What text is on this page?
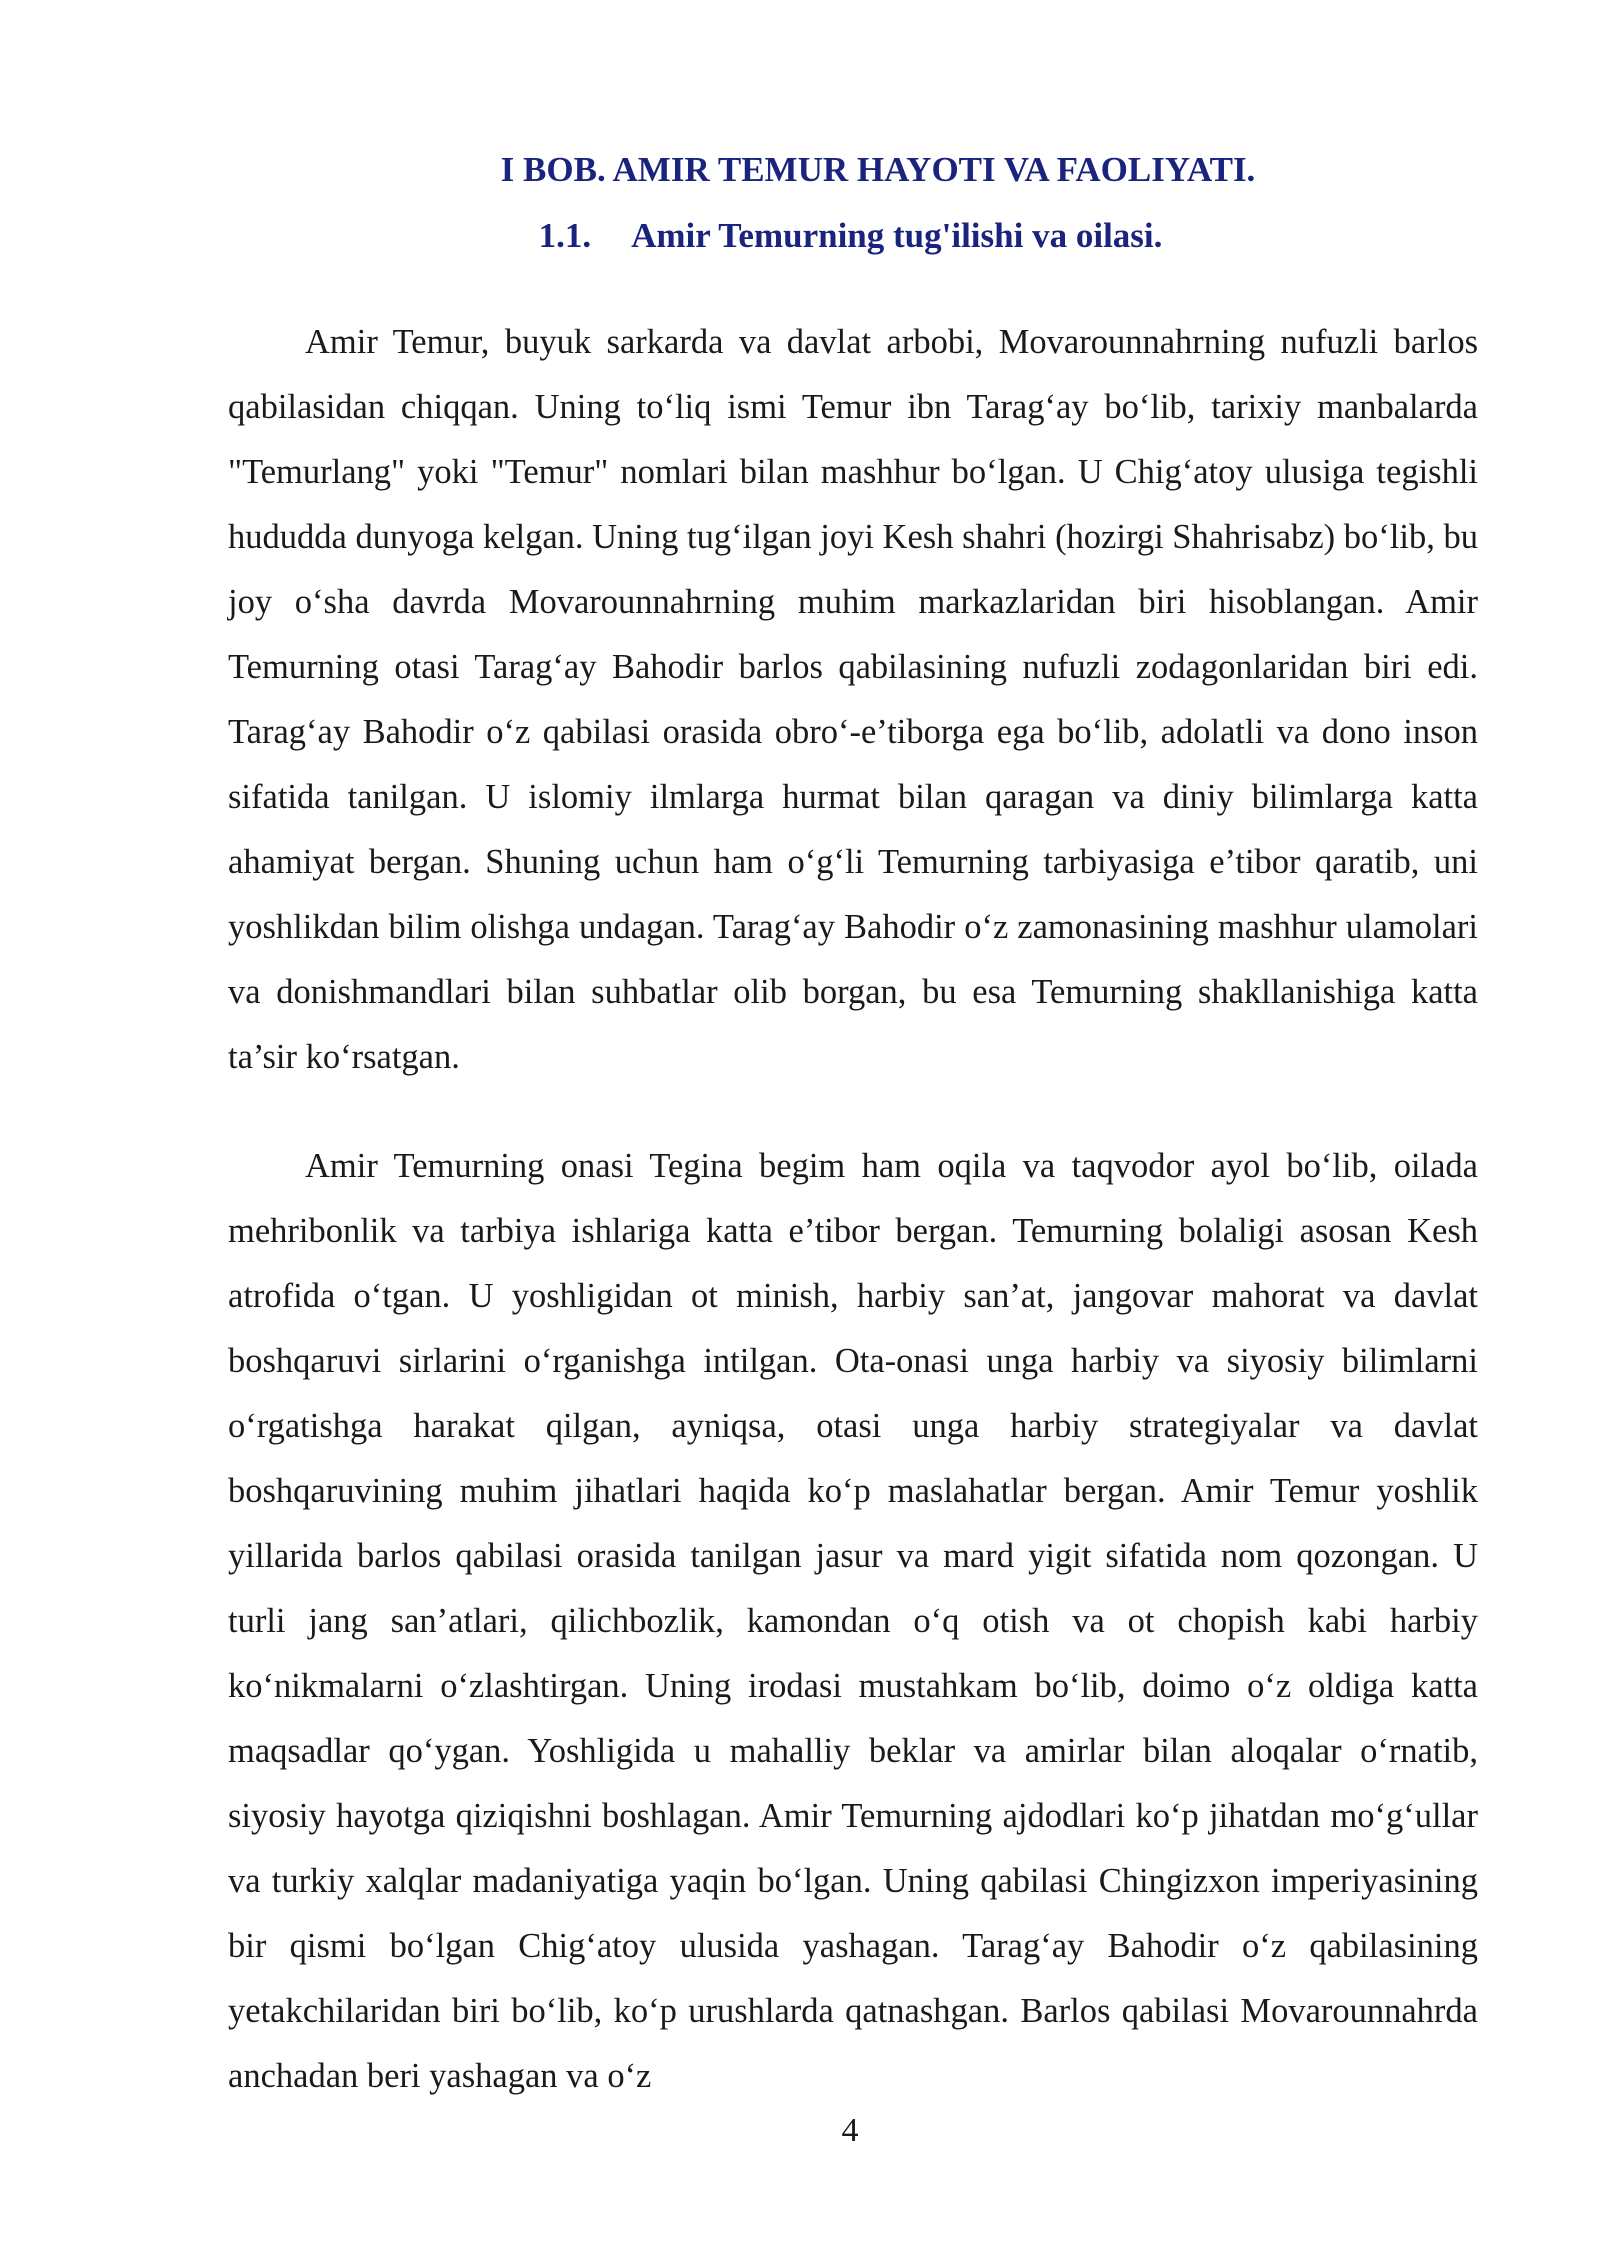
I BOB. AMIR TEMUR HAYOTI VA FAOLIYATI.
1.1. Amir Temurning tug'ilishi va oilasi.

Amir Temur, buyuk sarkarda va davlat arbobi, Movarounnahrning nufuzli barlos qabilasidan chiqqan. Uning to‘liq ismi Temur ibn Tarag‘ay bo‘lib, tarixiy manbalarda "Temurlang" yoki "Temur" nomlari bilan mashhur bo‘lgan. U Chig‘atoy ulusiga tegishli hududda dunyoga kelgan. Uning tug‘ilgan joyi Kesh shahri (hozirgi Shahrisabz) bo‘lib, bu joy o‘sha davrda Movarounnahrning muhim markazlaridan biri hisoblangan. Amir Temurning otasi Tarag‘ay Bahodir barlos qabilasining nufuzli zodagonlaridan biri edi. Tarag‘ay Bahodir o‘z qabilasi orasida obro‘-e’tiborga ega bo‘lib, adolatli va dono inson sifatida tanilgan. U islomiy ilmlarga hurmat bilan qaragan va diniy bilimlarga katta ahamiyat bergan. Shuning uchun ham o‘g‘li Temurning tarbiyasiga e’tibor qaratib, uni yoshlikdan bilim olishga undagan. Tarag‘ay Bahodir o‘z zamonasining mashhur ulamolari va donishmandlari bilan suhbatlar olib borgan, bu esa Temurning shakllanishiga katta ta’sir ko‘rsatgan.

Amir Temurning onasi Tegina begim ham oqila va taqvodor ayol bo‘lib, oilada mehribonlik va tarbiya ishlariga katta e’tibor bergan. Temurning bolaligi asosan Kesh atrofida o‘tgan. U yoshligidan ot minish, harbiy san’at, jangovar mahorat va davlat boshqaruvi sirlarini o‘rganishga intilgan. Ota-onasi unga harbiy va siyosiy bilimlarni o‘rgatishga harakat qilgan, ayniqsa, otasi unga harbiy strategiyalar va davlat boshqaruvining muhim jihatlari haqida ko‘p maslahatlar bergan. Amir Temur yoshlik yillarida barlos qabilasi orasida tanilgan jasur va mard yigit sifatida nom qozongan. U turli jang san’atlari, qilichbozlik, kamondan o‘q otish va ot chopish kabi harbiy ko‘nikmalarni o‘zlashtirgan. Uning irodasi mustahkam bo‘lib, doimo o‘z oldiga katta maqsadlar qo‘ygan. Yoshligida u mahalliy beklar va amirlar bilan aloqalar o‘rnatib, siyosiy hayotga qiziqishni boshlagan. Amir Temurning ajdodlari ko‘p jihatdan mo‘g‘ullar va turkiy xalqlar madaniyatiga yaqin bo‘lgan. Uning qabilasi Chingizxon imperiyasining bir qismi bo‘lgan Chig‘atoy ulusida yashagan. Tarag‘ay Bahodir o‘z qabilasining yetakchilaridan biri bo‘lib, ko‘p urushlarda qatnashgan. Barlos qabilasi Movarounnahrda anchadan beri yashagan va o‘z

4
